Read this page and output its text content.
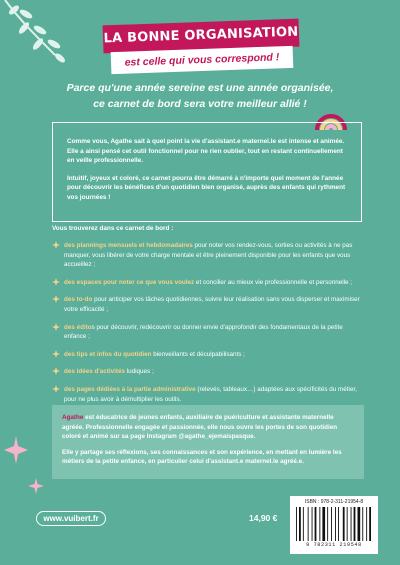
LA BONNE ORGANISATION
est celle qui vous correspond !
Parce qu'une année sereine est une année organisée,
ce carnet de bord sera votre meilleur allié !

Comme vous, Agathe sait à quel point la vie d'assistant.e maternel.le est intense et animée. Elle a ainsi pensé cet outil fonctionnel pour ne rien oublier, tout en restant continuellement en veille professionnelle.

Intuitif, joyeux et coloré, ce carnet pourra être démarré à n'importe quel moment de l'année pour découvrir les bénéfices d'un quotidien bien organisé, auprès des enfants qui rythment vos journées !

Vous trouverez dans ce carnet de bord :
des plannings mensuels et hebdomadaires pour noter vos rendez-vous, sorties ou activités à ne pas manquer, vous libérer de votre charge mentale et être pleinement disponible pour les enfants que vous accueillez ;
des espaces pour noter ce que vous voulez et concilier au mieux vie professionnelle et personnelle ;
des to-do pour anticiper vos tâches quotidiennes, suivre leur réalisation sans vous disperser et maximiser votre efficacité ;
des éditos pour découvrir, redécouvrir ou donner envie d'approfondir des fondamentaux de la petite enfance ;
des tips et infos du quotidien bienveillants et déculpabilisants ;
des idées d'activités ludiques ;
des pages dédiées à la partie administrative (relevés, tableaux…) adaptées aux spécificités du métier, pour ne plus avoir à démultiplier les outils.

Agathe est éducatrice de jeunes enfants, auxiliaire de puériculture et assistante maternelle agréée. Professionnelle engagée et passionnée, elle nous ouvre les portes de son quotidien coloré et animé sur sa page Instagram @agathe_ejemaispasque.

Elle y partage ses réflexions, ses connaissances et son expérience, en mettant en lumière les métiers de la petite enfance, en particulier celui d'assistant.e maternel.le agréé.e.

www.vuibert.fr	14,90 €
ISBN : 978-2-311-21954-8
9 782311 219548
